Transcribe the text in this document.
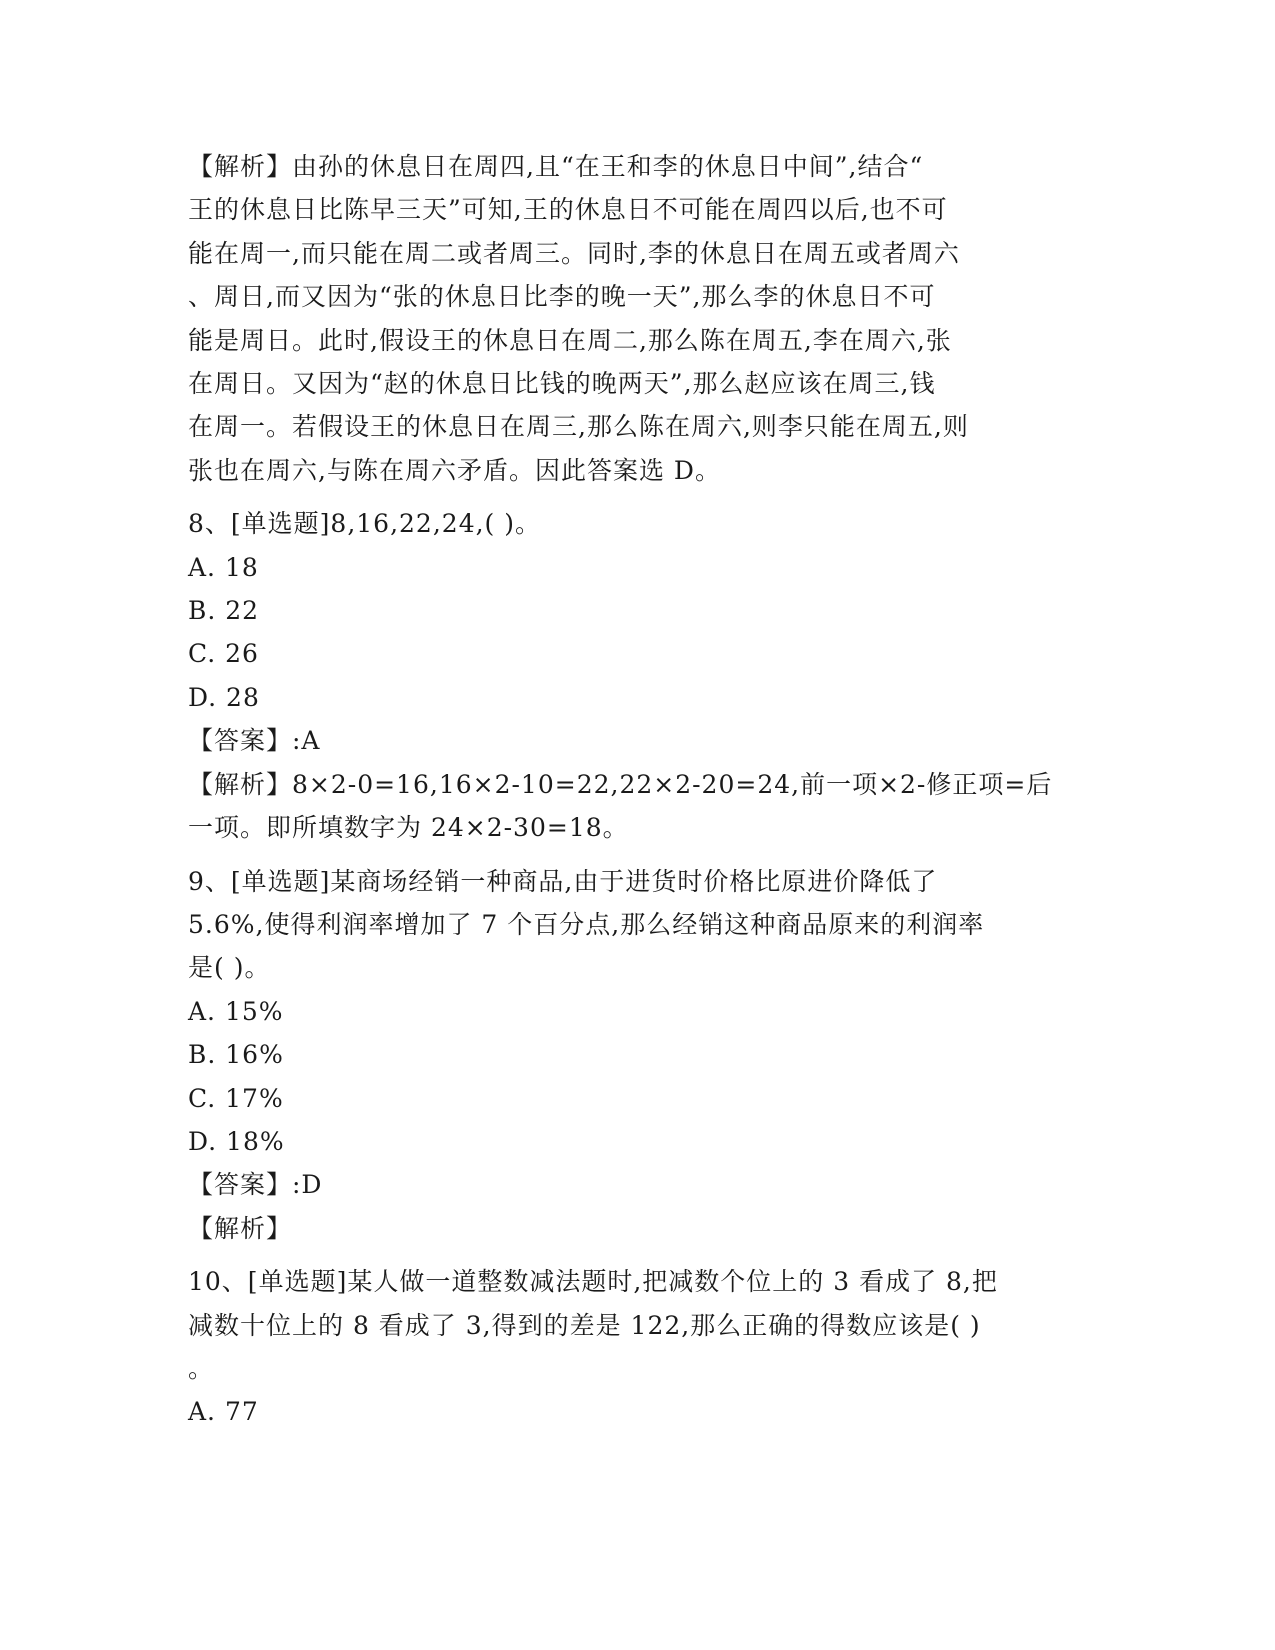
【解析】由孙的休息日在周四,且“在王和李的休息日中间”,结合“
王的休息日比陈早三天”可知,王的休息日不可能在周四以后,也不可
能在周一,而只能在周二或者周三。同时,李的休息日在周五或者周六
、周日,而又因为“张的休息日比李的晚一天”,那么李的休息日不可
能是周日。此时,假设王的休息日在周二,那么陈在周五,李在周六,张
在周日。又因为“赵的休息日比钱的晚两天”,那么赵应该在周三,钱
在周一。若假设王的休息日在周三,那么陈在周六,则李只能在周五,则
张也在周六,与陈在周六矛盾。因此答案选 D。
8、[单选题]8,16,22,24,( )。
A. 18
B. 22
C. 26
D. 28
【答案】:A
【解析】8×2-0=16,16×2-10=22,22×2-20=24,前一项×2-修正项=后
一项。即所填数字为 24×2-30=18。
9、[单选题]某商场经销一种商品,由于进货时价格比原进价降低了
5.6%,使得利润率增加了 7 个百分点,那么经销这种商品原来的利润率
是( )。
A. 15%
B. 16%
C. 17%
D. 18%
【答案】:D
【解析】
10、[单选题]某人做一道整数减法题时,把减数个位上的 3 看成了 8,把
减数十位上的 8 看成了 3,得到的差是 122,那么正确的得数应该是( )
。
A. 77
